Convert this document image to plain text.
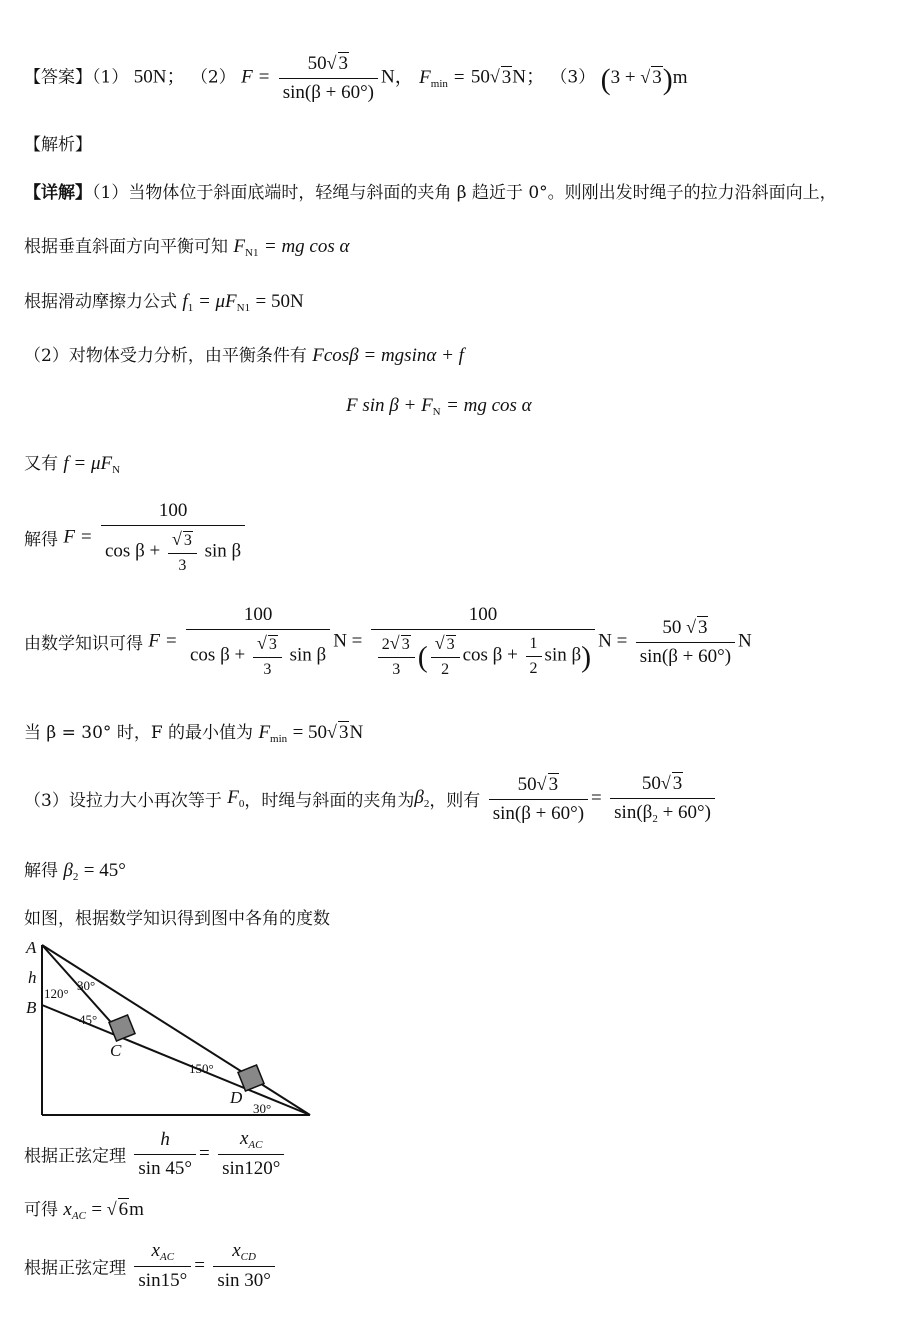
【答案】（1） 50N； （2） $F = \frac{50√ 3}{\sin(\beta + 60^\circ)}$ N， $F_{min} = 50√$ 3N； （3） (3 + √ 3)m
【解析】
【详解】（1）当物体位于斜面底端时，轻绳与斜面的夹角 β 趋近于 0°。则刚出发时绳子的拉力沿斜面向上，
根据垂直斜面方向平衡可知 $F_{N1}$ = mg cos α
根据滑动摩擦力公式 $f_1 = \mu F_{N1} = 50N$
（2）对物体受力分析，由平衡条件有 Fcosβ = mgsinα + f
F $\sin \beta + F_N$ = mg cos α
又有 $f = \mu F_N$
解得 $F = \frac{100}{\cos \beta + \frac{√ 3}{3} \sin \beta}$
由数学知识可得 $F = \frac{100}{\cos \beta + \frac{√ 3}{3} \sin \beta}$ $N = \frac{100}{\frac{2√ 3}{3} ( \frac{√ 3}{2} \cos \beta + \frac{1}{2} \sin \beta)}$ $N = \frac{50 √ 3}{\sin(\beta + 60^\circ)}$ N
当 β = 30° 时，F 的最小值为 $F_{min} = 50√$ 3N
（3）设拉力大小再次等于 $F_0$，时绳与斜面的夹角为$\beta_2$，则有 $\frac{50√ 3}{\sin(\beta + 60^\circ)} = \frac{50√ 3}{\sin(\beta_2 + 60^\circ)}$
解得 $\beta_2 = 45^\circ$
如图，根据数学知识得到图中各角的度数
A
h
B
C
D
120°
30°
45°
150°
30°
根据正弦定理 $\frac{h}{\sin 45^\circ} = \frac{x_{AC}}{\sin 120^\circ}$
可得 $x_{AC}$ = √ 6m
根据正弦定理 $\frac{x_{AC}}{\sin 15^\circ} = \frac{x_{CD}}{\sin 30^\circ}$
